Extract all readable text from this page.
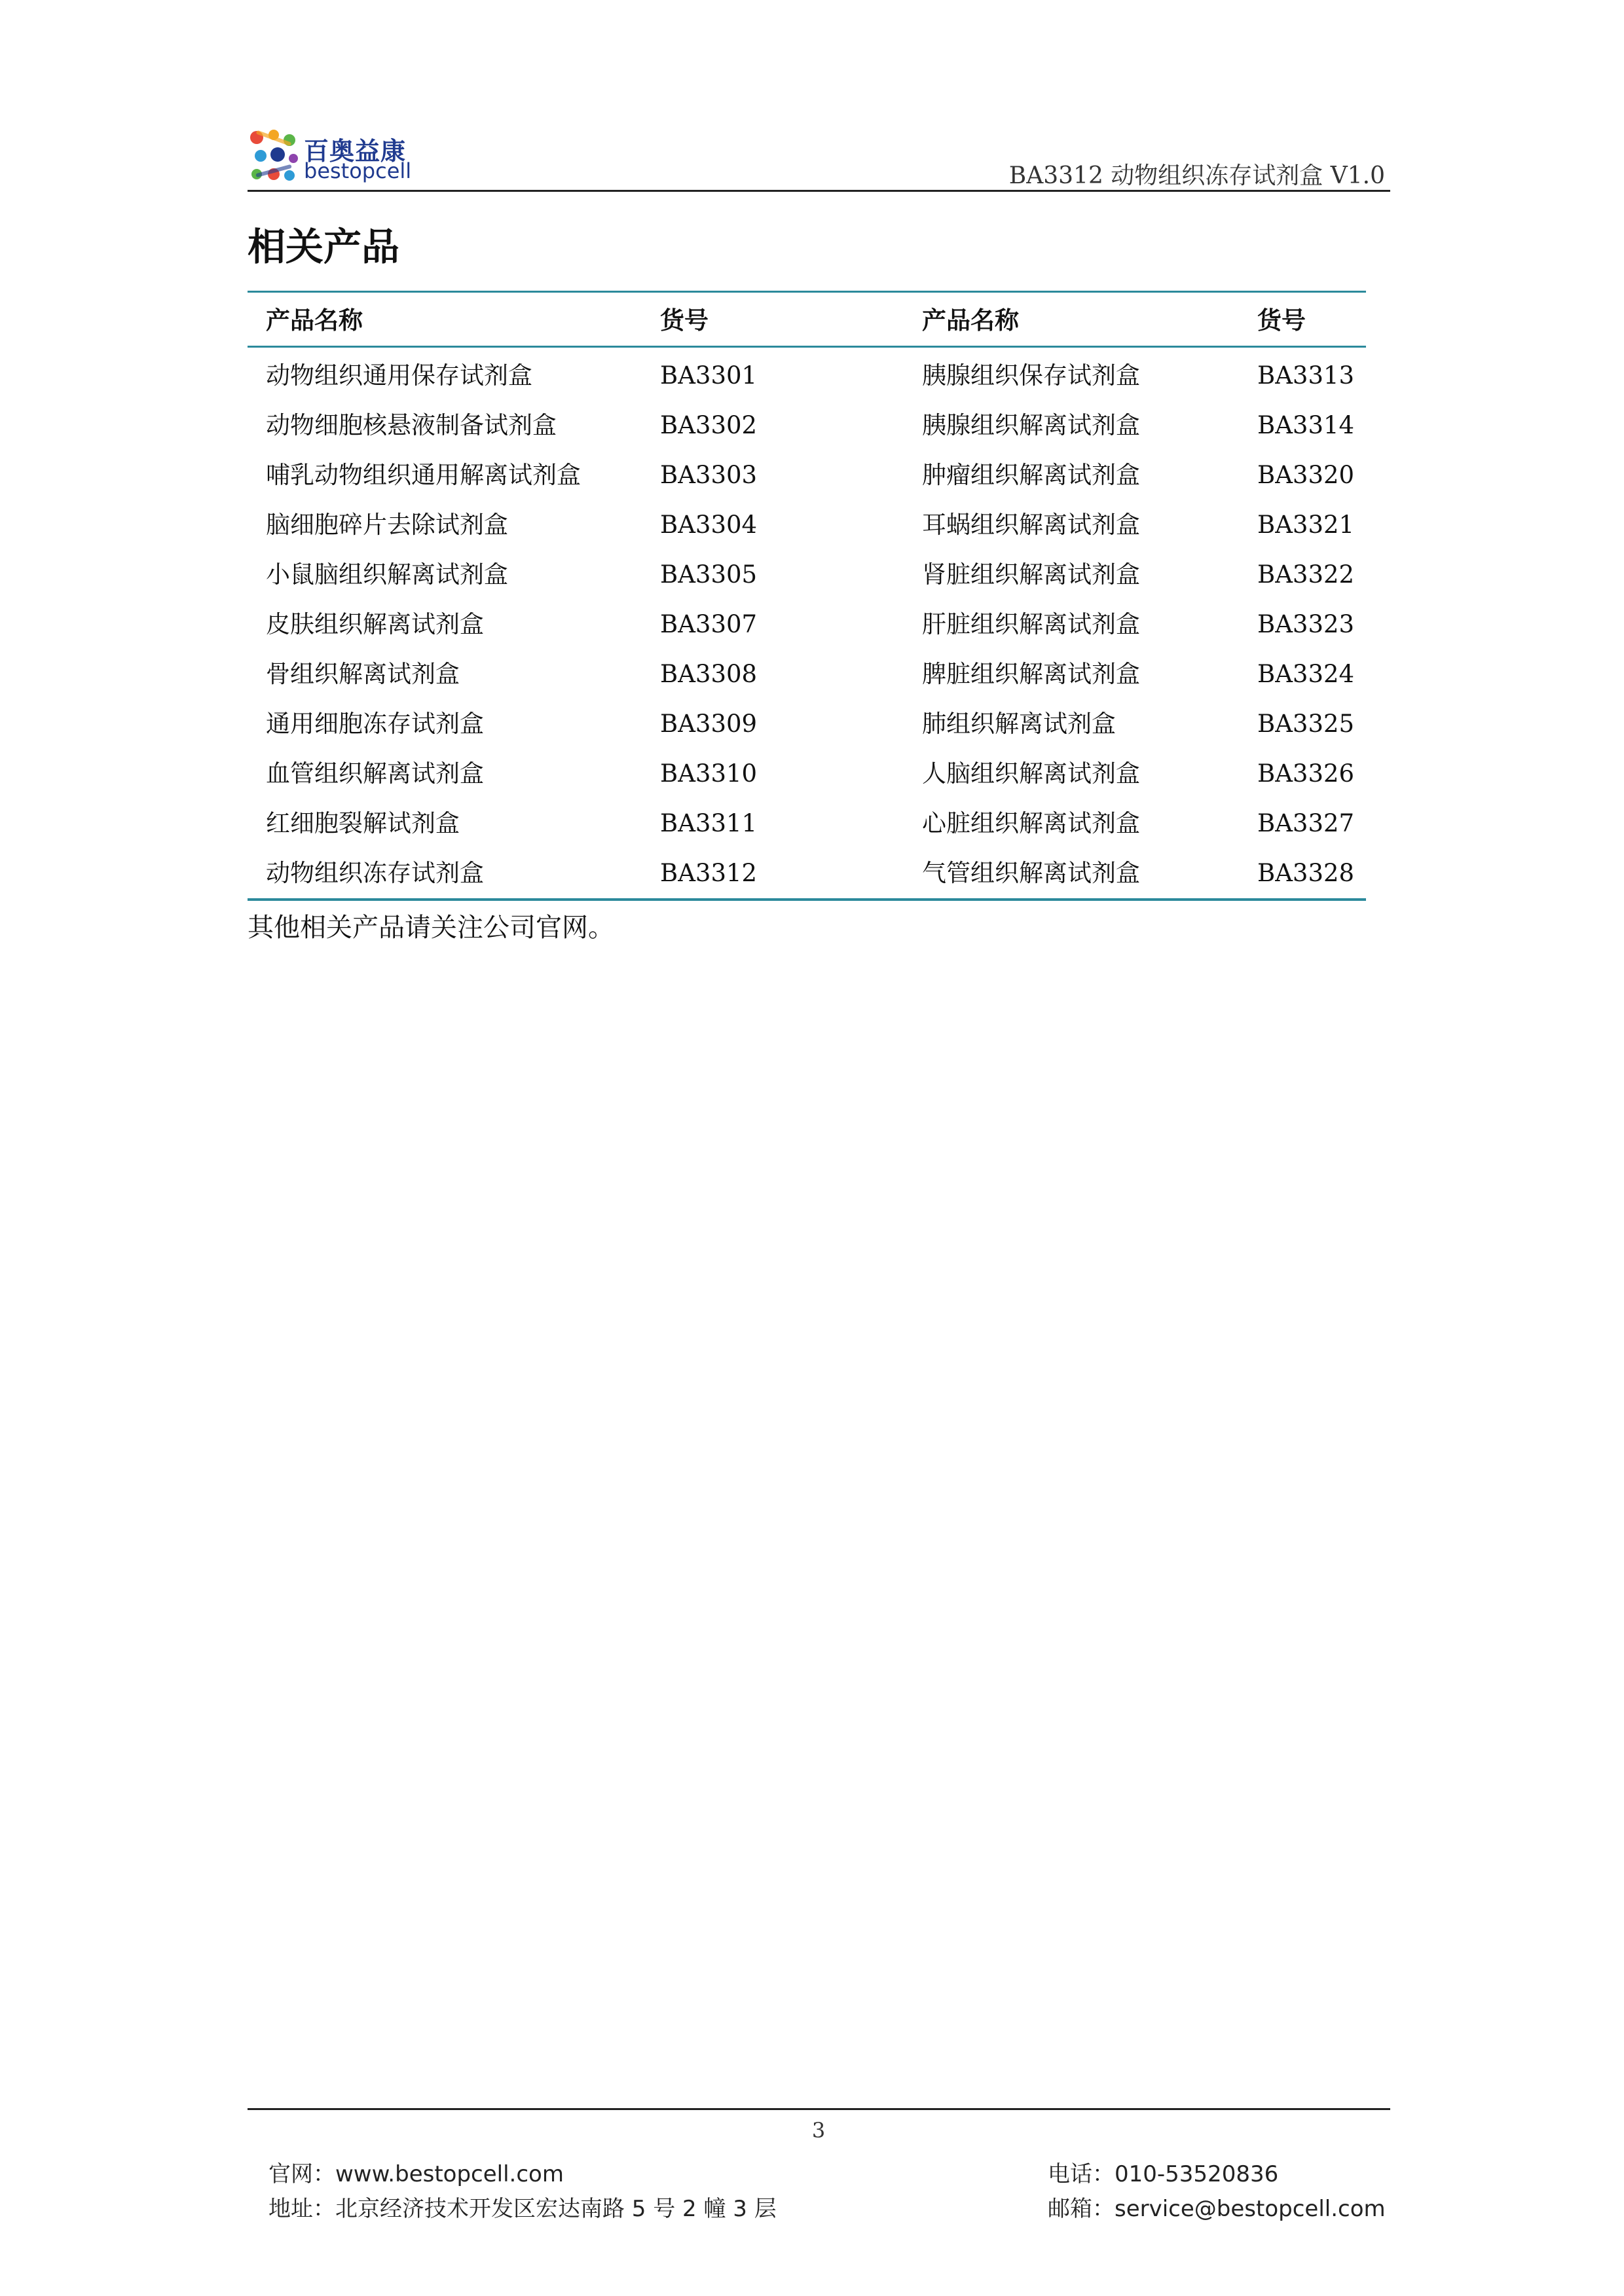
百奥益康
bestopcell	BA3312 动物组织冻存试剂盒 V1.0
相关产品
产品名称	货号	产品名称	货号
动物组织通用保存试剂盒	BA3301	胰腺组织保存试剂盒	BA3313
动物细胞核悬液制备试剂盒	BA3302	胰腺组织解离试剂盒	BA3314
哺乳动物组织通用解离试剂盒	BA3303	肿瘤组织解离试剂盒	BA3320
脑细胞碎片去除试剂盒	BA3304	耳蜗组织解离试剂盒	BA3321
小鼠脑组织解离试剂盒	BA3305	肾脏组织解离试剂盒	BA3322
皮肤组织解离试剂盒	BA3307	肝脏组织解离试剂盒	BA3323
骨组织解离试剂盒	BA3308	脾脏组织解离试剂盒	BA3324
通用细胞冻存试剂盒	BA3309	肺组织解离试剂盒	BA3325
血管组织解离试剂盒	BA3310	人脑组织解离试剂盒	BA3326
红细胞裂解试剂盒	BA3311	心脏组织解离试剂盒	BA3327
动物组织冻存试剂盒	BA3312	气管组织解离试剂盒	BA3328
其他相关产品请关注公司官网。
3
官网：www.bestopcell.com
地址：北京经济技术开发区宏达南路 5 号 2 幢 3 层
电话：010-53520836
邮箱：service@bestopcell.com
